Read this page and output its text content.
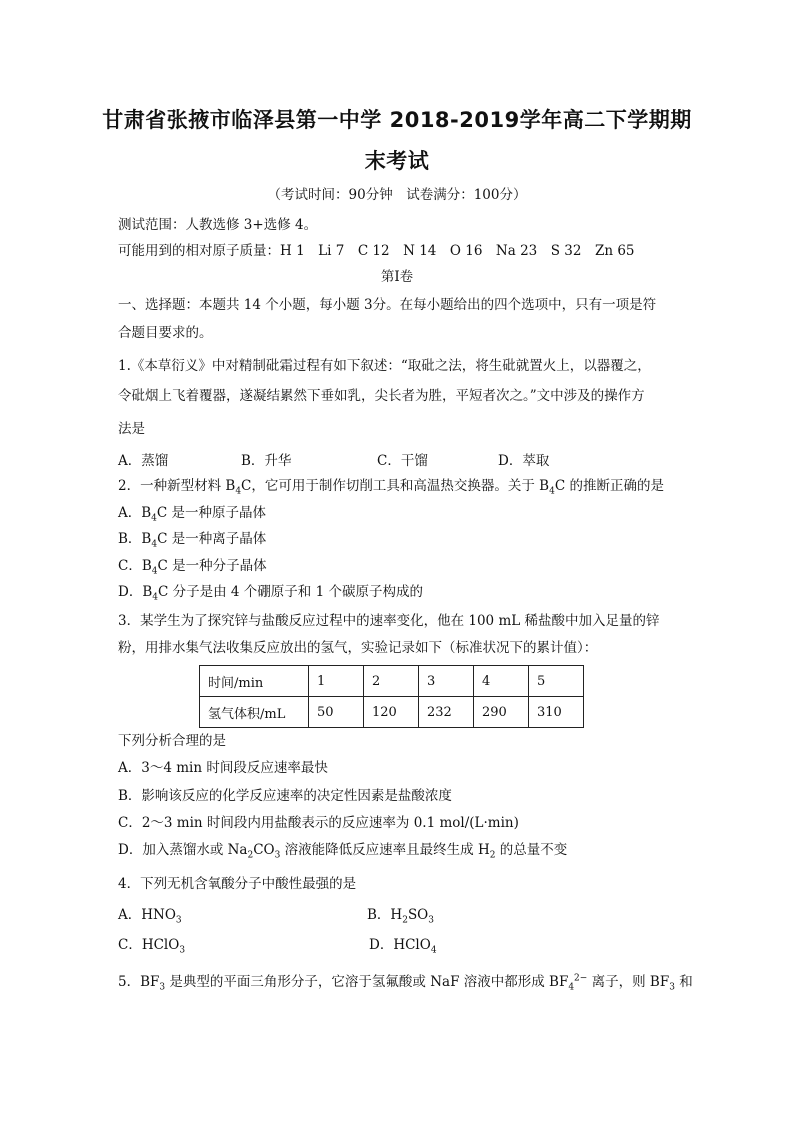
甘肃省张掖市临泽县第一中学 2018-2019学年高二下学期期
末考试
（考试时间：90分钟　试卷满分：100分）
测试范围：人教选修 3+选修 4。
可能用到的相对原子质量：H 1　Li 7　C 12　N 14　O 16　Na 23　S 32　Zn 65
第Ⅰ卷
一、选择题：本题共 14 个小题，每小题 3分。在每小题给出的四个选项中，只有一项是符
合题目要求的。
1.《本草衍义》中对精制砒霜过程有如下叙述：“取砒之法，将生砒就置火上，以器覆之，
令砒烟上飞着覆器，遂凝结累然下垂如乳，尖长者为胜，平短者次之。”文中涉及的操作方
法是
A．蒸馏	B．升华	C．干馏	D．萃取
2．一种新型材料 $B_4C$，它可用于制作切削工具和高温热交换器。关于 $B_4C$ 的推断正确的是
A．$B_4C$ 是一种原子晶体
B．$B_4C$ 是一种离子晶体
C．$B_4C$ 是一种分子晶体
D．$B_4C$ 分子是由 4 个硼原子和 1 个碳原子构成的
3．某学生为了探究锌与盐酸反应过程中的速率变化，他在 100 mL 稀盐酸中加入足量的锌
粉，用排水集气法收集反应放出的氢气，实验记录如下（标准状况下的累计值）：
时间/min	1	2	3	4	5
氢气体积/mL	50	120	232	290	310
下列分析合理的是
A．3～4 min 时间段反应速率最快
B．影响该反应的化学反应速率的决定性因素是盐酸浓度
C．2～3 min 时间段内用盐酸表示的反应速率为 0.1 mol/(L·min)
D．加入蒸馏水或 $Na_2CO_3$ 溶液能降低反应速率且最终生成 $H_2$ 的总量不变
4．下列无机含氧酸分子中酸性最强的是
A．$HNO_3$	B．$H_2SO_3$
C．HClO$_3$	D．HClO$_4$
5．$BF_3$ 是典型的平面三角形分子，它溶于氢氟酸或 NaF 溶液中都形成 $BF_4^{2-}$ 离子，则 $BF_3$ 和
